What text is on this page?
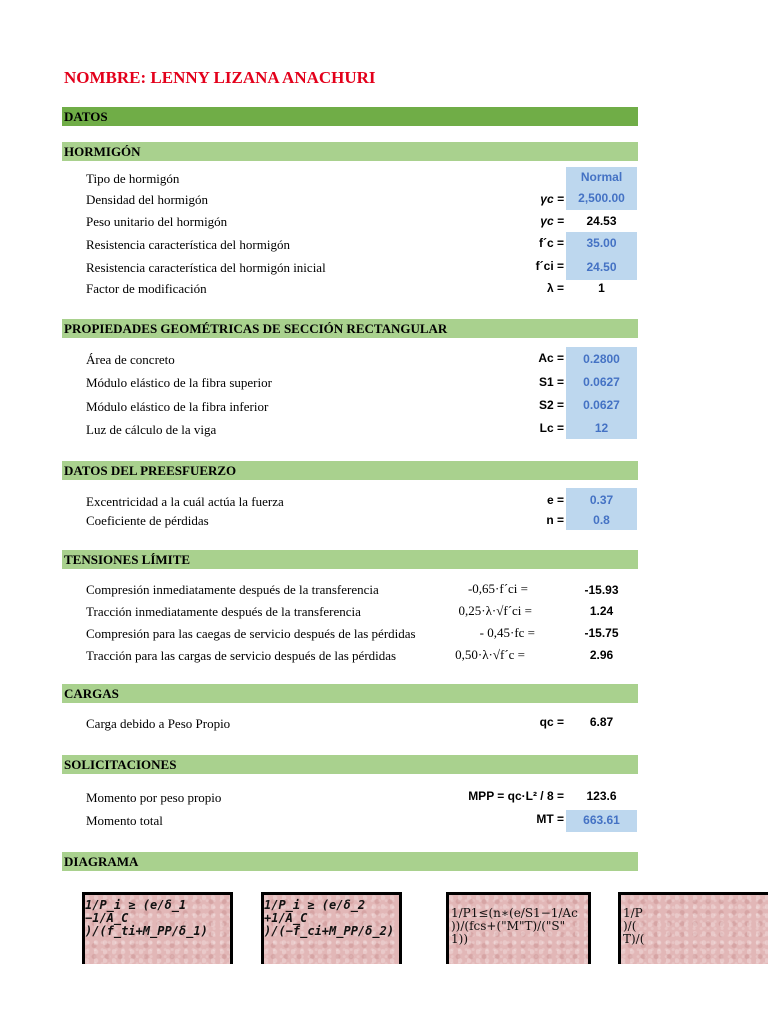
NOMBRE: LENNY LIZANA ANACHURI
DATOS
HORMIGÓN
Tipo de hormigón	Normal
Densidad del hormigón	γc =	2,500.00
Peso unitario del hormigón	γc =	24.53
Resistencia característica del hormigón	f´c =	35.00
Resistencia característica del hormigón inicial	f´ci =	24.50
Factor de modificación	λ =	1
PROPIEDADES GEOMÉTRICAS DE SECCIÓN RECTANGULAR
Área de concreto	Ac =	0.2800
Módulo elástico de la fibra superior	S1 =	0.0627
Módulo elástico de la fibra inferior	S2 =	0.0627
Luz de cálculo de la viga	Lc =	12
DATOS DEL PREESFUERZO
Excentricidad a la cuál actúa la fuerza	e =	0.37
Coeficiente de pérdidas	n =	0.8
TENSIONES LÍMITE
Compresión inmediatamente después de la transferencia	-0,65·f´ci =	-15.93
Tracción inmediatamente después de la transferencia	0,25·λ·√f´ci =	1.24
Compresión para las caegas de servicio después de las pérdidas	- 0,45·fc =	-15.75
Tracción para las cargas de servicio después de las pérdidas	0,50·λ·√f´c =	2.96
CARGAS
Carga debido a Peso Propio	qc =	6.87
SOLICITACIONES
Momento por peso propio	MPP = qc·L² / 8 =	123.6
Momento total	MT =	663.61
DIAGRAMA
1/P_i ≥ (e/δ_1
−1/A_C
)/(f_ti+M_PP/δ_1)
1/P_i ≥ (e/δ_2
+1/A_C
)/(−f_ci+M_PP/δ_2)
1/P1≤(n∗(e/S1−1/Ac
))/(fcs+("M"T)/("S"
1))
1/P
)/(
T)/(
